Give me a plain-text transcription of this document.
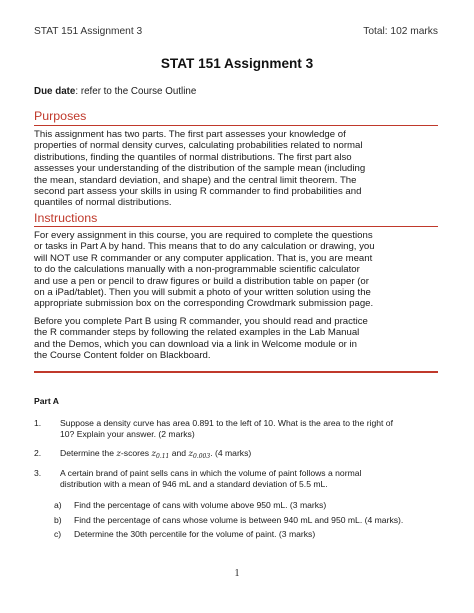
STAT 151 Assignment 3	Total: 102 marks
STAT 151 Assignment 3
Due date: refer to the Course Outline
Purposes
This assignment has two parts. The first part assesses your knowledge of
properties of normal density curves, calculating probabilities related to normal
distributions, finding the quantiles of normal distributions. The first part also
assesses your understanding of the distribution of the sample mean (including
the mean, standard deviation, and shape) and the central limit theorem. The
second part assess your skills in using R commander to find probabilities and
quantiles of normal distributions.
Instructions
For every assignment in this course, you are required to complete the questions
or tasks in Part A by hand. This means that to do any calculation or drawing, you
will NOT use R commander or any computer application. That is, you are meant
to do the calculations manually with a non-programmable scientific calculator
and use a pen or pencil to draw figures or build a distribution table on paper (or
on a iPad/tablet). Then you will submit a photo of your written solution using the
appropriate submission box on the corresponding Crowdmark submission page.
Before you complete Part B using R commander, you should read and practice
the R commander steps by following the related examples in the Lab Manual
and the Demos, which you can download via a link in Welcome module or in
the Course Content folder on Blackboard.
Part A
1. Suppose a density curve has area 0.891 to the left of 10. What is the area to the right of
10? Explain your answer. (2 marks)
2. Determine the z-scores $z_{0.11}$ and $z_{0.003}$. (4 marks)
3. A certain brand of paint sells cans in which the volume of paint follows a normal
distribution with a mean of 946 mL and a standard deviation of 5.5 mL.
a) Find the percentage of cans with volume above 950 mL. (3 marks)
b) Find the percentage of cans whose volume is between 940 mL and 950 mL. (4 marks).
c) Determine the 30th percentile for the volume of paint. (3 marks)
1
